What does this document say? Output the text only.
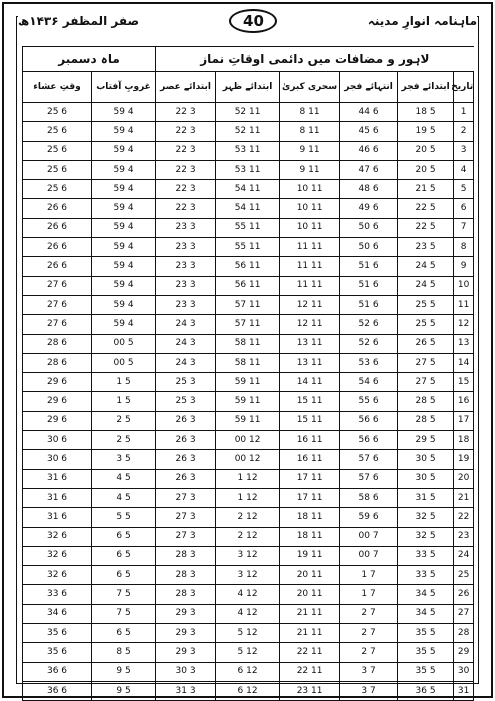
صفر المظفر ۱۴۳۶ھ	40	ماہنامہ انوارِ مدینہ
لاہور و مضافات میں دائمی اوقاتِ نماز						ماہ دسمبر	
تاریخ	ابتدائے فجر	انتہائے فجر	سحری کبریٰ	ابتدائے ظہر	ابتدائے عصر	غروبِ آفتاب	وقتِ عشاء
1	5 18	6 44	11 8	11 52	3 22	4 59	6 25
2	5 19	6 45	11 8	11 52	3 22	4 59	6 25
3	5 20	6 46	11 9	11 53	3 22	4 59	6 25
4	5 20	6 47	11 9	11 53	3 22	4 59	6 25
5	5 21	6 48	11 10	11 54	3 22	4 59	6 25
6	5 22	6 49	11 10	11 54	3 22	4 59	6 26
7	5 22	6 50	11 10	11 55	3 23	4 59	6 26
8	5 23	6 50	11 11	11 55	3 23	4 59	6 26
9	5 24	6 51	11 11	11 56	3 23	4 59	6 26
10	5 24	6 51	11 11	11 56	3 23	4 59	6 27
11	5 25	6 51	11 12	11 57	3 23	4 59	6 27
12	5 25	6 52	11 12	11 57	3 24	4 59	6 27
13	5 26	6 52	11 13	11 58	3 24	5 00	6 28
14	5 27	6 53	11 13	11 58	3 24	5 00	6 28
15	5 27	6 54	11 14	11 59	3 25	5 1	6 29
16	5 28	6 55	11 15	11 59	3 25	5 1	6 29
17	5 28	6 56	11 15	11 59	3 26	5 2	6 29
18	5 29	6 56	11 16	12 00	3 26	5 2	6 30
19	5 30	6 57	11 16	12 00	3 26	5 3	6 30
20	5 30	6 57	11 17	12 1	3 26	5 4	6 31
21	5 31	6 58	11 17	12 1	3 27	5 4	6 31
22	5 32	6 59	11 18	12 2	3 27	5 5	6 31
23	5 32	7 00	11 18	12 2	3 27	5 6	6 32
24	5 33	7 00	11 19	12 3	3 28	5 6	6 32
25	5 33	7 1	11 20	12 3	3 28	5 6	6 32
26	5 34	7 1	11 20	12 4	3 28	5 7	6 33
27	5 34	7 2	11 21	12 4	3 29	5 7	6 34
28	5 35	7 2	11 21	12 5	3 29	5 6	6 35
29	5 35	7 2	11 22	12 5	3 29	5 8	6 35
30	5 35	7 3	11 22	12 6	3 30	5 9	6 36
31	5 36	7 3	11 23	12 6	3 31	5 9	6 36
